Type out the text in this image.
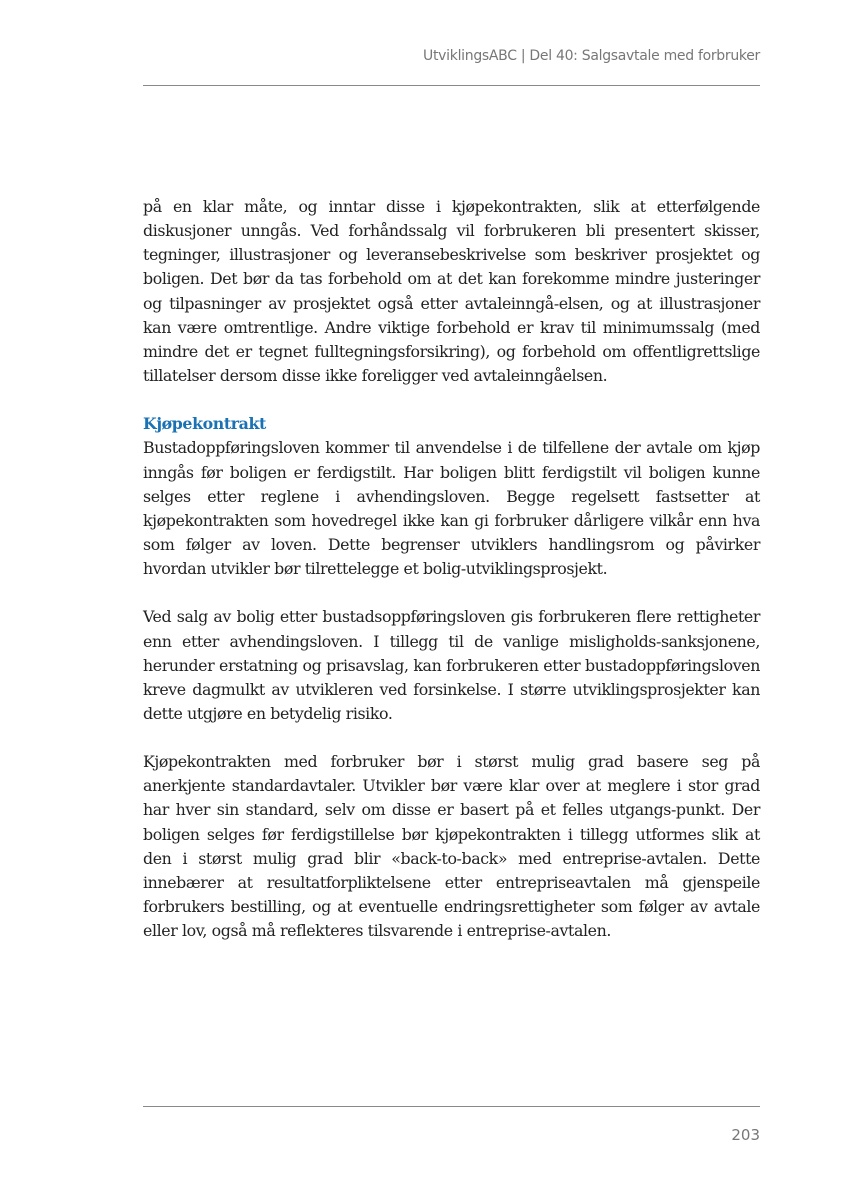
UtviklingsABC | Del 40: Salgsavtale med forbruker

på en klar måte, og inntar disse i kjøpekontrakten, slik at etterfølgende diskusjoner unngås. Ved forhåndssalg vil forbrukeren bli presentert skisser, tegninger, illustrasjoner og leveransebeskrivelse som beskriver prosjektet og boligen. Det bør da tas forbehold om at det kan forekomme mindre justeringer og tilpasninger av prosjektet også etter avtaleinngå-elsen, og at illustrasjoner kan være omtrentlige. Andre viktige forbehold er krav til minimumssalg (med mindre det er tegnet fulltegningsforsikring), og forbehold om offentligrettslige tillatelser dersom disse ikke foreligger ved avtaleinngåelsen.

Kjøpekontrakt

Bustadoppføringsloven kommer til anvendelse i de tilfellene der avtale om kjøp inngås før boligen er ferdigstilt. Har boligen blitt ferdigstilt vil boligen kunne selges etter reglene i avhendingsloven. Begge regelsett fastsetter at kjøpekontrakten som hovedregel ikke kan gi forbruker dårligere vilkår enn hva som følger av loven. Dette begrenser utviklers handlingsrom og påvirker hvordan utvikler bør tilrettelegge et bolig-utviklingsprosjekt.

Ved salg av bolig etter bustadsoppføringsloven gis forbrukeren flere rettigheter enn etter avhendingsloven. I tillegg til de vanlige misligholds-sanksjonene, herunder erstatning og prisavslag, kan forbrukeren etter bustadoppføringsloven kreve dagmulkt av utvikleren ved forsinkelse. I større utviklingsprosjekter kan dette utgjøre en betydelig risiko.

Kjøpekontrakten med forbruker bør i størst mulig grad basere seg på anerkjente standardavtaler. Utvikler bør være klar over at meglere i stor grad har hver sin standard, selv om disse er basert på et felles utgangs-punkt. Der boligen selges før ferdigstillelse bør kjøpekontrakten i tillegg utformes slik at den i størst mulig grad blir «back-to-back» med entreprise-avtalen. Dette innebærer at resultatforpliktelsene etter entrepriseavtalen må gjenspeile forbrukers bestilling, og at eventuelle endringsrettigheter som følger av avtale eller lov, også må reflekteres tilsvarende i entreprise-avtalen.

203
